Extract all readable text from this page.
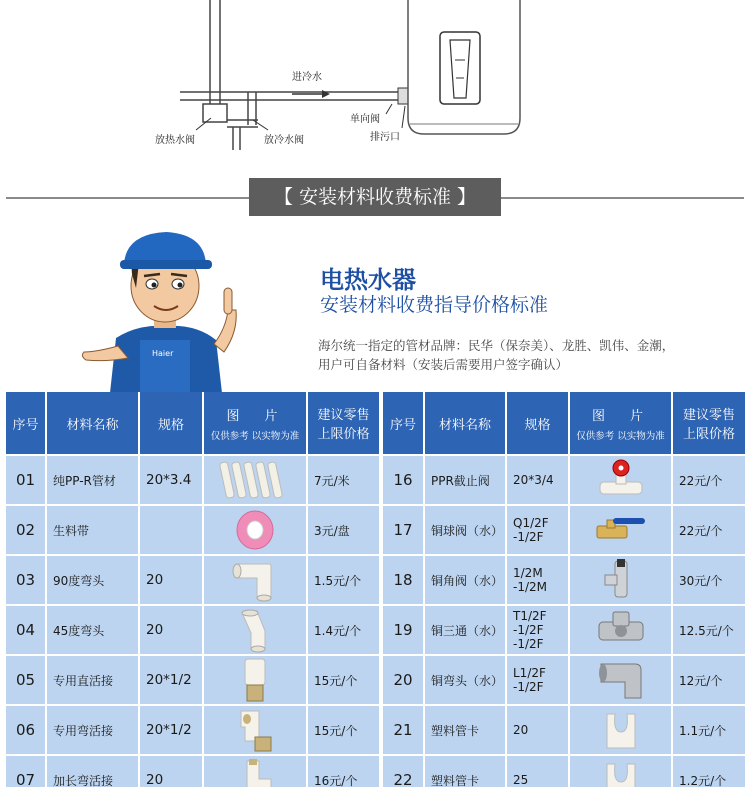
进冷水
单向阀
排污口
放热水阀	放冷水阀
【 安装材料收费标准 】
Haier
电热水器
安装材料收费指导价格标准
海尔统一指定的管材品牌：民华（保奈美）、龙胜、凯伟、金潮，
用户可自备材料（安装后需要用户签字确认）
序号	材料名称	规格	图　片
仅供参考 以实物为准	建议零售
上限价格

01	纯PP-R管材	20*3.4		7元/米
02	生料带			3元/盘
03	90度弯头	20		1.5元/个
04	45度弯头	20		1.4元/个
05	专用直活接	20*1/2		15元/个
06	专用弯活接	20*1/2		15元/个
07	加长弯活接	20		16元/个
序号	材料名称	规格	图　片
仅供参考 以实物为准	建议零售
上限价格

16	PPR截止阀	20*3/4		22元/个
17	铜球阀（水）	Q1/2F
-1/2F		22元/个
18	铜角阀（水）	1/2M
-1/2M		30元/个
19	铜三通（水）	T1/2F
-1/2F
-1/2F		12.5元/个
20	铜弯头（水）	L1/2F
-1/2F		12元/个
21	塑料管卡	20		1.1元/个
22	塑料管卡	25		1.2元/个
